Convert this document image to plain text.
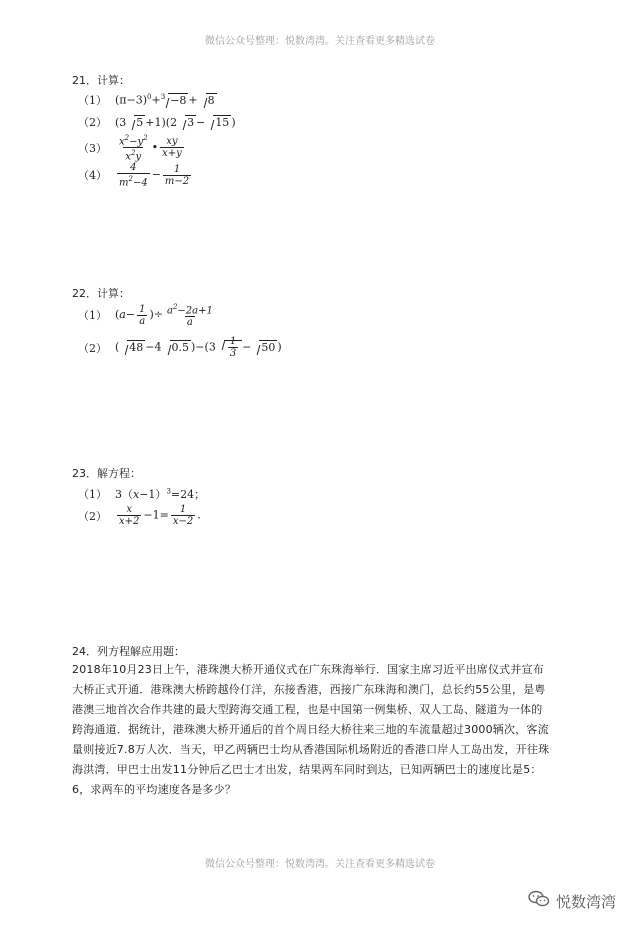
微信公众号整理：悦数湾湾。关注查看更多精选试卷
21．计算：
（1） $(\pi-3)^0+^3 -8 + 8$
（2） (3 5 +1)(2 3 − 15 )
$(3) \frac{x^2-y^2}{x^2y}$ • $\frac{xy}{x+y}$
$(4) \frac{4}{m^2-4} - \frac{1}{m-2}$
22．计算：
（1） ($a- \frac{1}{a}$ )÷ $\frac{a^2-2a+1}{a}$
（2） ( 48 −4 0.5 )$-(3 \frac{1}{3} - 50$ )
23．解方程：
（1） $3(x-1)^3=24$；
$(2) \frac{x}{x+2} -1= \frac{1}{x-2}$ .
24．列方程解应用题：
2018年10月23日上午，港珠澳大桥开通仪式在广东珠海举行．国家主席习近平出席仪式并宣布大桥正式开通．港珠澳大桥跨越伶仃洋，东接香港，西接广东珠海和澳门，总长约55公里，是粤港澳三地首次合作共建的最大型跨海交通工程，也是中国第一例集桥、双人工岛、隧道为一体的跨海通道．据统计，港珠澳大桥开通后的首个周日经大桥往来三地的车流量超过3000辆次，客流量则接近7.8万人次．当天，甲乙两辆巴士均从香港国际机场附近的香港口岸人工岛出发，开往珠海洪湾．甲巴士出发11分钟后乙巴士才出发，结果两车同时到达，已知两辆巴士的速度比是5：6，求两车的平均速度各是多少？
微信公众号整理：悦数湾湾。关注查看更多精选试卷
悦数湾湾
